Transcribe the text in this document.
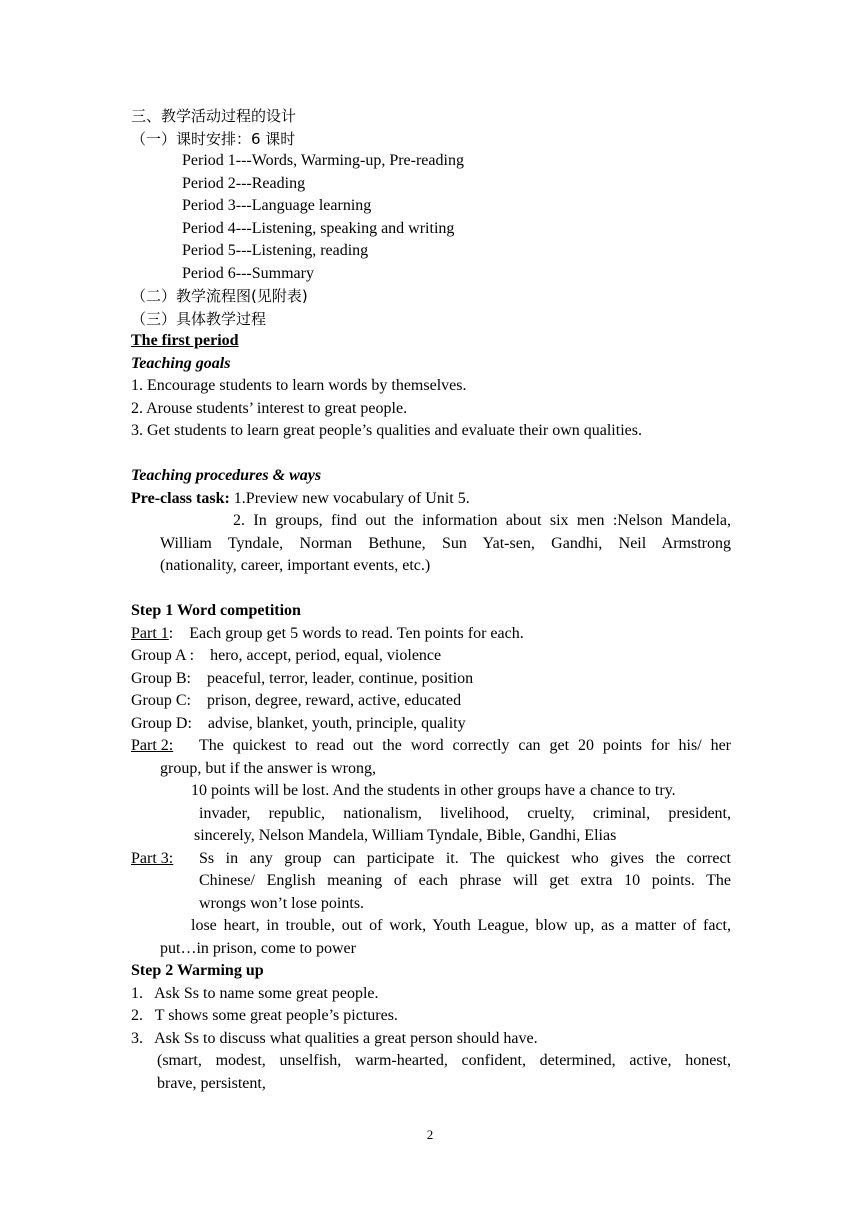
三、教学活动过程的设计
（一）课时安排：6 课时
Period 1---Words, Warming-up, Pre-reading
Period 2---Reading
Period 3---Language learning
Period 4---Listening, speaking and writing
Period 5---Listening, reading
Period 6---Summary
（二）教学流程图(见附表)
（三）具体教学过程
The first period
Teaching goals
1. Encourage students to learn words by themselves.
2. Arouse students’ interest to great people.
3. Get students to learn great people’s qualities and evaluate their own qualities.
Teaching procedures & ways
Pre-class task: 1.Preview new vocabulary of Unit 5.
2. In groups, find out the information about six men :Nelson Mandela,
William Tyndale, Norman Bethune, Sun Yat-sen, Gandhi, Neil Armstrong
(nationality, career, important events, etc.)
Step 1 Word competition
Part 1:    Each group get 5 words to read. Ten points for each.
Group A :    hero, accept, period, equal, violence
Group B:    peaceful, terror, leader, continue, position
Group C:    prison, degree, reward, active, educated
Group D:    advise, blanket, youth, principle, quality
Part 2: The quickest to read out the word correctly can get 20 points for his/ her
group, but if the answer is wrong,
10 points will be lost. And the students in other groups have a chance to try.
invader, republic, nationalism, livelihood, cruelty, criminal, president,
sincerely, Nelson Mandela, William Tyndale, Bible, Gandhi, Elias
Part 3: Ss in any group can participate it. The quickest who gives the correct
Chinese/ English meaning of each phrase will get extra 10 points. The
wrongs won’t lose points.
lose heart, in trouble, out of work, Youth League, blow up, as a matter of fact,
put…in prison, come to power
Step 2 Warming up
1.   Ask Ss to name some great people.
2.   T shows some great people’s pictures.
3.   Ask Ss to discuss what qualities a great person should have.
(smart, modest, unselfish, warm-hearted, confident, determined, active, honest,
brave, persistent,
2
